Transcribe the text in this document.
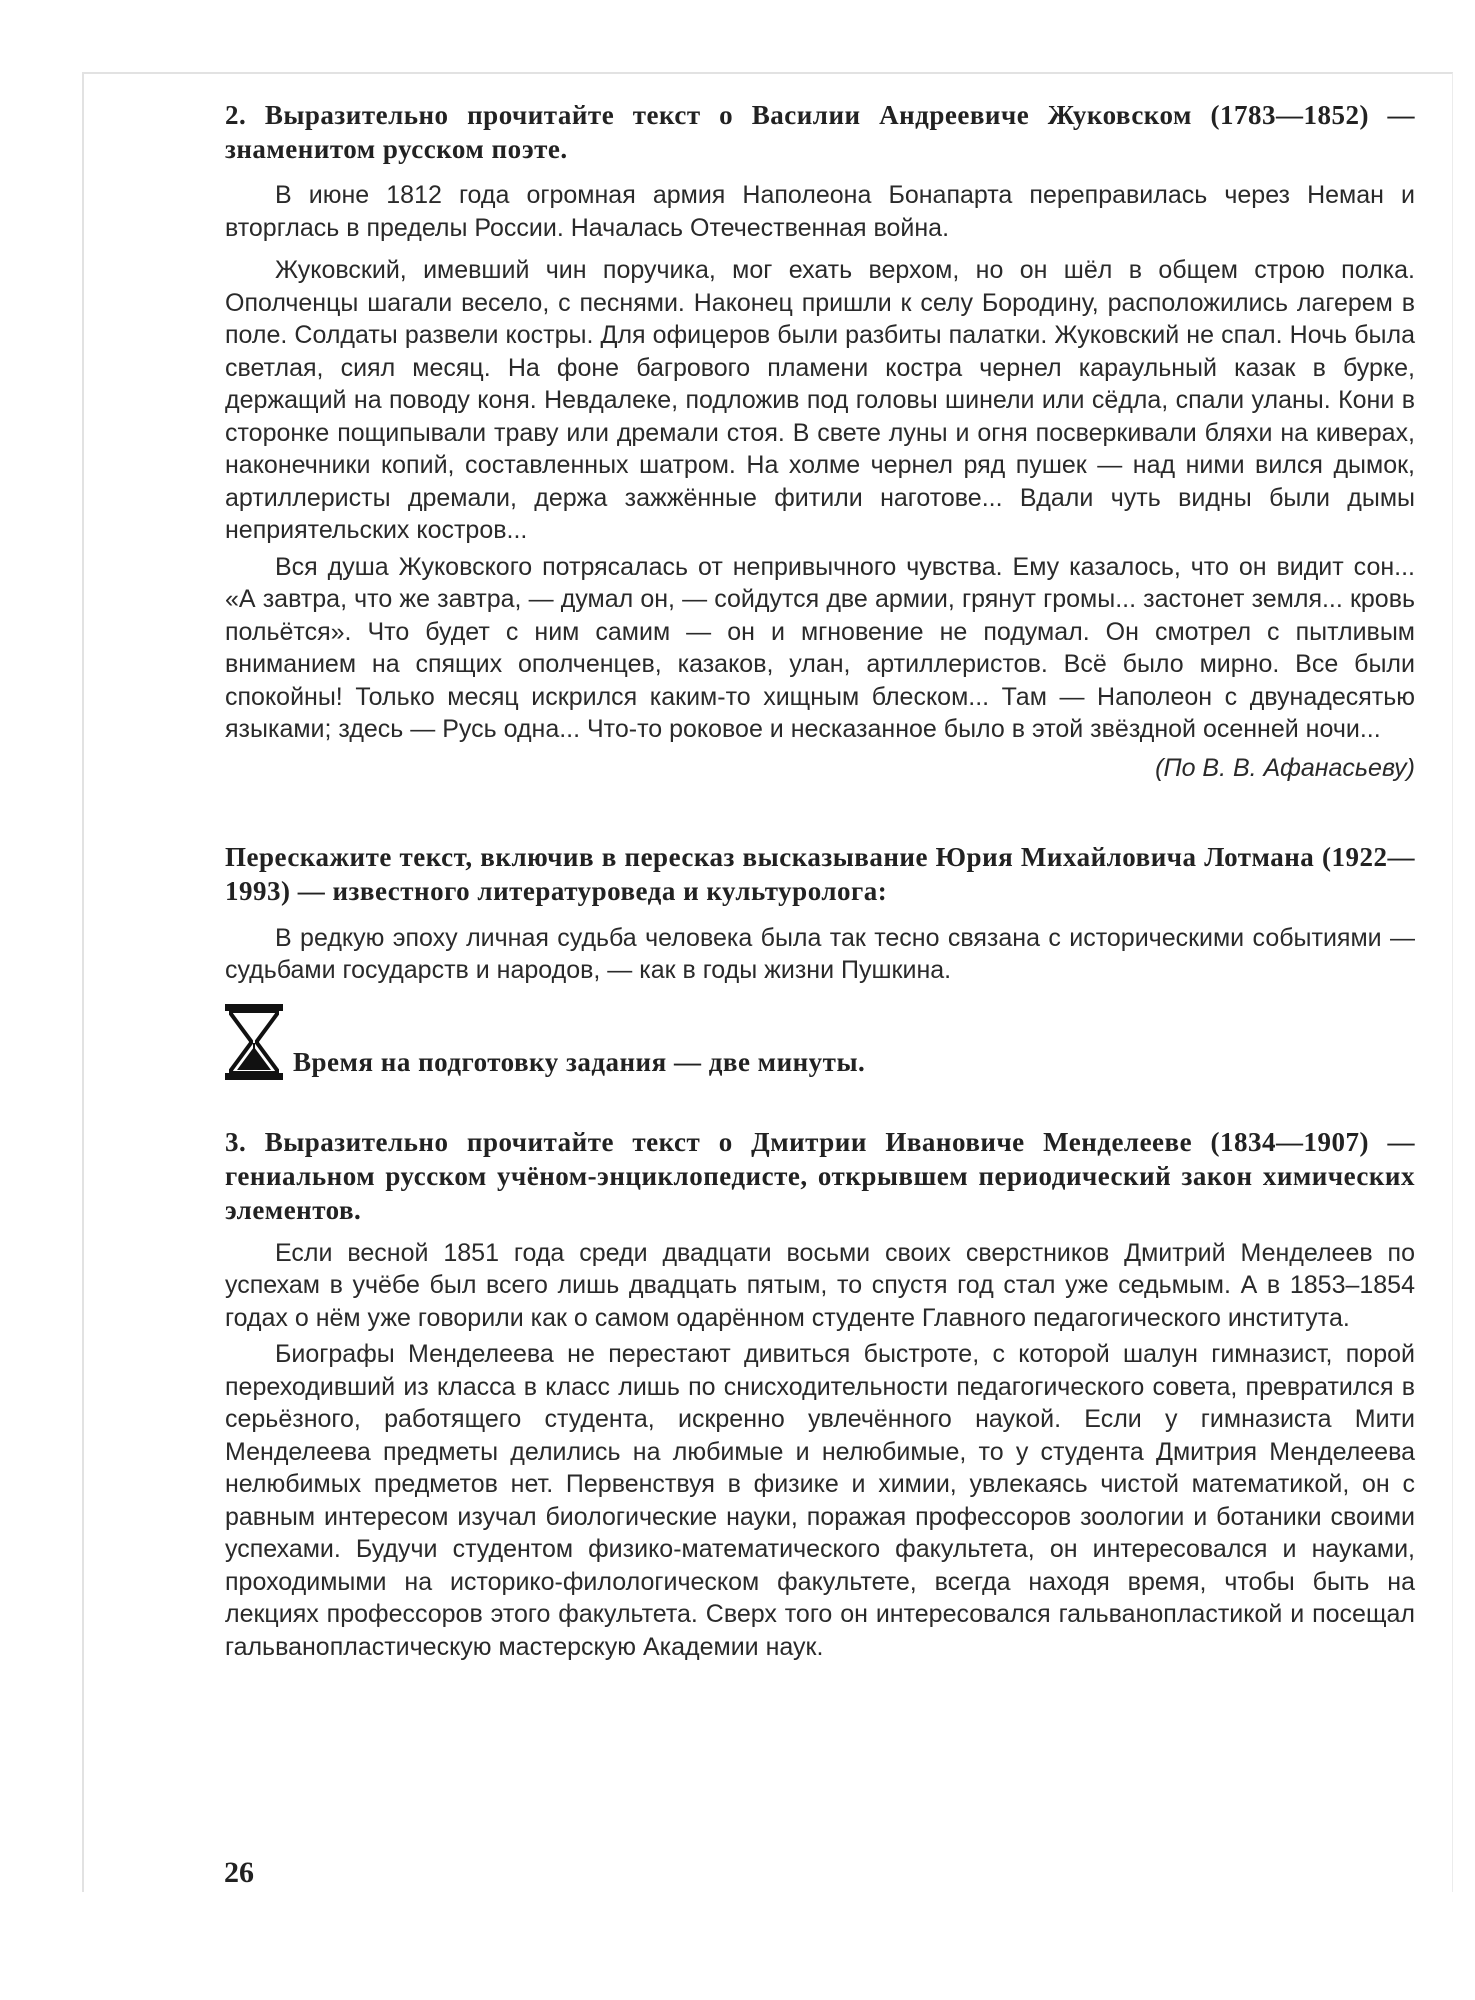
2. Выразительно прочитайте текст о Василии Андреевиче Жуковском (1783—1852) — знаменитом русском поэте.

В июне 1812 года огромная армия Наполеона Бонапарта переправилась через Неман и вторглась в пределы России. Началась Отечественная война.

Жуковский, имевший чин поручика, мог ехать верхом, но он шёл в общем строю полка. Ополченцы шагали весело, с песнями. Наконец пришли к селу Бородину, расположились лагерем в поле. Солдаты развели костры. Для офицеров были разбиты палатки. Жуковский не спал. Ночь была светлая, сиял месяц. На фоне багрового пламени костра чернел караульный казак в бурке, держащий на поводу коня. Невдалеке, подложив под головы шинели или сёдла, спали уланы. Кони в сторонке пощипывали траву или дремали стоя. В свете луны и огня посверкивали бляхи на киверах, наконечники копий, составленных шатром. На холме чернел ряд пушек — над ними вился дымок, артиллеристы дремали, держа зажжённые фитили наготове... Вдали чуть видны были дымы неприятельских костров...

Вся душа Жуковского потрясалась от непривычного чувства. Ему казалось, что он видит сон... «А завтра, что же завтра, — думал он, — сойдутся две армии, грянут громы... застонет земля... кровь польётся». Что будет с ним самим — он и мгновение не подумал. Он смотрел с пытливым вниманием на спящих ополченцев, казаков, улан, артиллеристов. Всё было мирно. Все были спокойны! Только месяц искрился каким-то хищным блеском... Там — Наполеон с двунадесятью языками; здесь — Русь одна... Что-то роковое и несказанное было в этой звёздной осенней ночи...

(По В. В. Афанасьеву)

Перескажите текст, включив в пересказ высказывание Юрия Михайловича Лотмана (1922—1993) — известного литературоведа и культуролога:

В редкую эпоху личная судьба человека была так тесно связана с историческими событиями — судьбами государств и народов, — как в годы жизни Пушкина.

Время на подготовку задания — две минуты.

3. Выразительно прочитайте текст о Дмитрии Ивановиче Менделееве (1834—1907) — гениальном русском учёном-энциклопедисте, открывшем периодический закон химических элементов.

Если весной 1851 года среди двадцати восьми своих сверстников Дмитрий Менделеев по успехам в учёбе был всего лишь двадцать пятым, то спустя год стал уже седьмым. А в 1853–1854 годах о нём уже говорили как о самом одарённом студенте Главного педагогического института.

Биографы Менделеева не перестают дивиться быстроте, с которой шалун гимназист, порой переходивший из класса в класс лишь по снисходительности педагогического совета, превратился в серьёзного, работящего студента, искренно увлечённого наукой. Если у гимназиста Мити Менделеева предметы делились на любимые и нелюбимые, то у студента Дмитрия Менделеева нелюбимых предметов нет. Первенствуя в физике и химии, увлекаясь чистой математикой, он с равным интересом изучал биологические науки, поражая профессоров зоологии и ботаники своими успехами. Будучи студентом физико-математического факультета, он интересовался и науками, проходимыми на историко-филологическом факультете, всегда находя время, чтобы быть на лекциях профессоров этого факультета. Сверх того он интересовался гальванопластикой и посещал гальванопластическую мастерскую Академии наук.

26
